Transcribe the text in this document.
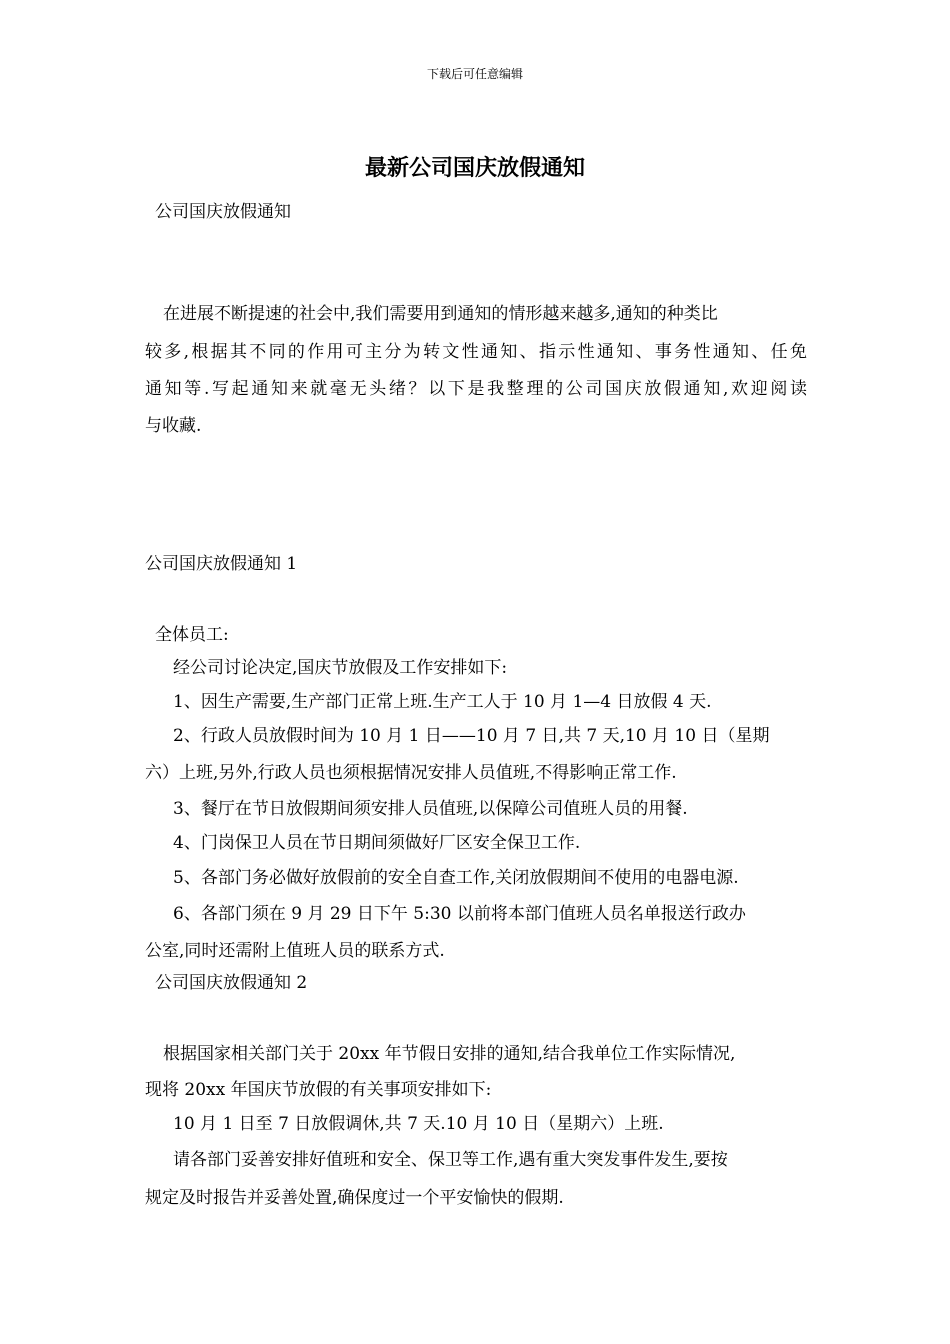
下载后可任意编辑
最新公司国庆放假通知
公司国庆放假通知
在进展不断提速的社会中,我们需要用到通知的情形越来越多,通知的种类比
较多,根据其不同的作用可主分为转文性通知、指示性通知、事务性通知、任免
通知等.写起通知来就毫无头绪？以下是我整理的公司国庆放假通知,欢迎阅读
与收藏.
公司国庆放假通知 1
全体员工:
经公司讨论决定,国庆节放假及工作安排如下:
1、因生产需要,生产部门正常上班.生产工人于 10 月 1—4 日放假 4 天.
2、行政人员放假时间为 10 月 1 日——10 月 7 日,共 7 天,10 月 10 日（星期
六）上班,另外,行政人员也须根据情况安排人员值班,不得影响正常工作.
3、餐厅在节日放假期间须安排人员值班,以保障公司值班人员的用餐.
4、门岗保卫人员在节日期间须做好厂区安全保卫工作.
5、各部门务必做好放假前的安全自查工作,关闭放假期间不使用的电器电源.
6、各部门须在 9 月 29 日下午 5:30 以前将本部门值班人员名单报送行政办
公室,同时还需附上值班人员的联系方式.
公司国庆放假通知 2
根据国家相关部门关于 20xx 年节假日安排的通知,结合我单位工作实际情况,
现将 20xx 年国庆节放假的有关事项安排如下:
10 月 1 日至 7 日放假调休,共 7 天.10 月 10 日（星期六）上班.
请各部门妥善安排好值班和安全、保卫等工作,遇有重大突发事件发生,要按
规定及时报告并妥善处置,确保度过一个平安愉快的假期.
